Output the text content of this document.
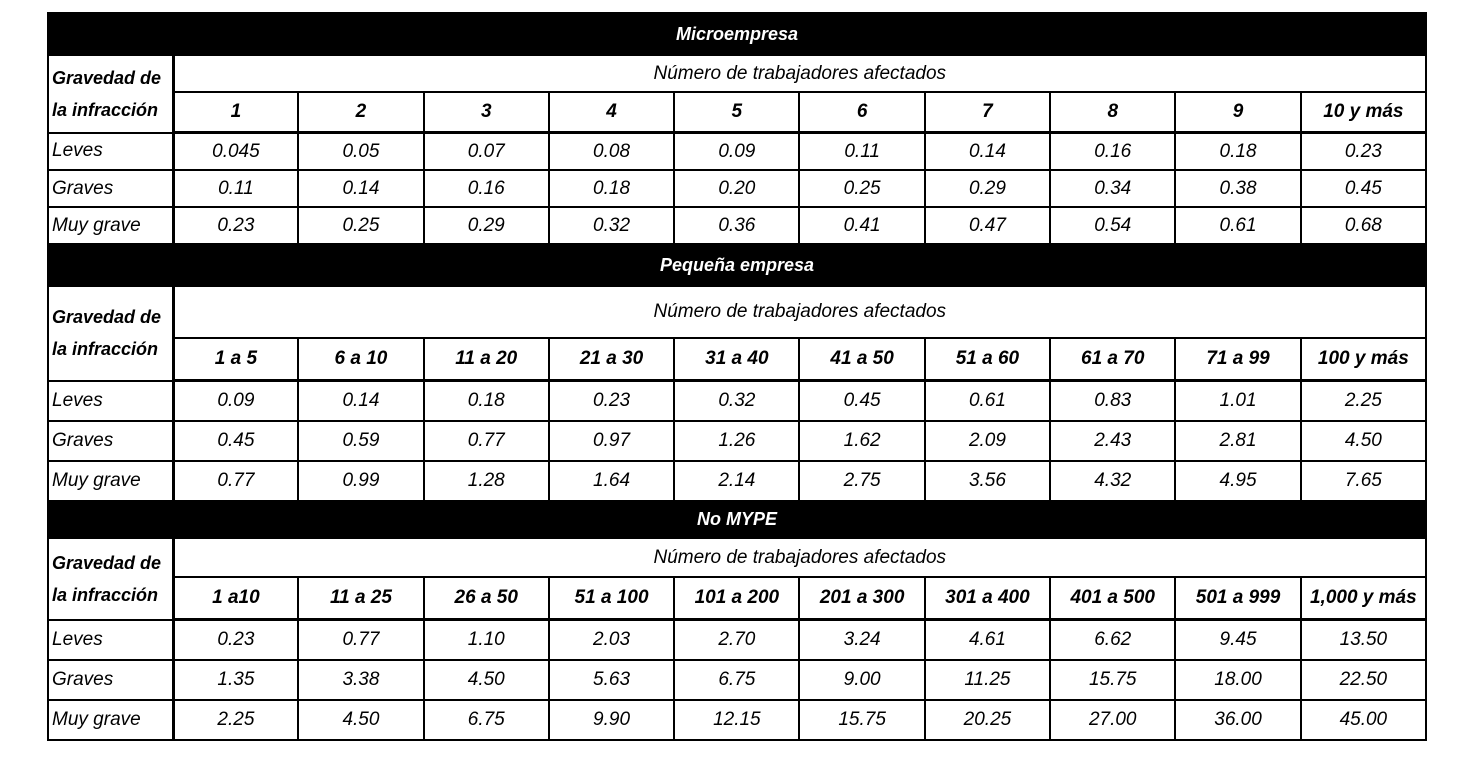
Microempresa										

Gravedad de
la infracción	Número de trabajadores afectados									
	1	2	3	4	5	6	7	8	9	10 y más
Leves	0.045	0.05	0.07	0.08	0.09	0.11	0.14	0.16	0.18	0.23
Graves	0.11	0.14	0.16	0.18	0.20	0.25	0.29	0.34	0.38	0.45
Muy grave	0.23	0.25	0.29	0.32	0.36	0.41	0.47	0.54	0.61	0.68
Pequeña empresa										

Gravedad de
la infracción	Número de trabajadores afectados									
	1 a 5	6 a 10	11 a 20	21 a 30	31 a 40	41 a 50	51 a 60	61 a 70	71 a 99	100 y más
Leves	0.09	0.14	0.18	0.23	0.32	0.45	0.61	0.83	1.01	2.25
Graves	0.45	0.59	0.77	0.97	1.26	1.62	2.09	2.43	2.81	4.50
Muy grave	0.77	0.99	1.28	1.64	2.14	2.75	3.56	4.32	4.95	7.65
No MYPE										

Gravedad de
la infracción	Número de trabajadores afectados									
	1 a10	11 a 25	26 a 50	51 a 100	101 a 200	201 a 300	301 a 400	401 a 500	501 a 999	1,000 y más
Leves	0.23	0.77	1.10	2.03	2.70	3.24	4.61	6.62	9.45	13.50
Graves	1.35	3.38	4.50	5.63	6.75	9.00	11.25	15.75	18.00	22.50
Muy grave	2.25	4.50	6.75	9.90	12.15	15.75	20.25	27.00	36.00	45.00
